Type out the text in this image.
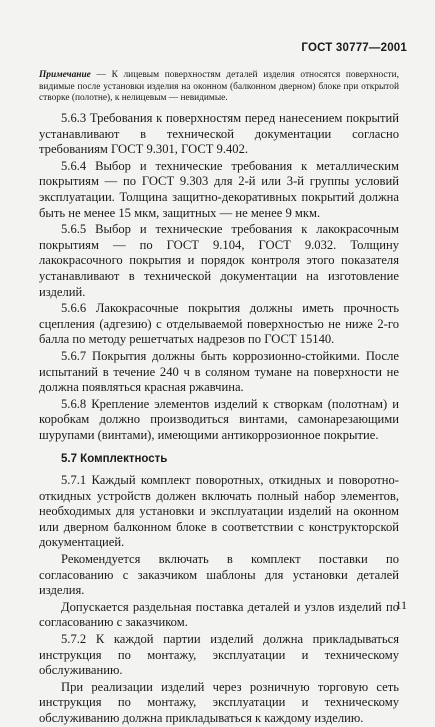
ГОСТ 30777—2001
Примечание — К лицевым поверхностям деталей изделия относятся поверхности, видимые после установки изделия на оконном (балконном дверном) блоке при открытой створке (полотне), к нелицевым — невидимые.

5.6.3 Требования к поверхностям перед нанесением покрытий устанавливают в технической документации согласно требованиям ГОСТ 9.301, ГОСТ 9.402.

5.6.4 Выбор и технические требования к металлическим покрытиям — по ГОСТ 9.303 для 2-й или 3-й группы условий эксплуатации. Толщина защитно-декоративных покрытий должна быть не менее 15 мкм, защитных — не менее 9 мкм.

5.6.5 Выбор и технические требования к лакокрасочным покрытиям — по ГОСТ 9.104, ГОСТ 9.032. Толщину лакокрасочного покрытия и порядок контроля этого показателя устанавливают в технической документации на изготовление изделий.

5.6.6 Лакокрасочные покрытия должны иметь прочность сцепления (адгезию) с отделываемой поверхностью не ниже 2-го балла по методу решетчатых надрезов по ГОСТ 15140.

5.6.7 Покрытия должны быть коррозионно-стойкими. После испытаний в течение 240 ч в соляном тумане на поверхности не должна появляться красная ржавчина.

5.6.8 Крепление элементов изделий к створкам (полотнам) и коробкам должно производиться винтами, самонарезающими шурупами (винтами), имеющими антикоррозионное покрытие.

5.7 Комплектность

5.7.1 Каждый комплект поворотных, откидных и поворотно-откидных устройств должен включать полный набор элементов, необходимых для установки и эксплуатации изделий на оконном или дверном балконном блоке в соответствии с конструкторской документацией.

Рекомендуется включать в комплект поставки по согласованию с заказчиком шаблоны для установки деталей изделия.

Допускается раздельная поставка деталей и узлов изделий по согласованию с заказчиком.

5.7.2 К каждой партии изделий должна прикладываться инструкция по монтажу, эксплуатации и техническому обслуживанию.

При реализации изделий через розничную торговую сеть инструкция по монтажу, эксплуатации и техническому обслуживанию должна прикладываться к каждому изделию.

11
